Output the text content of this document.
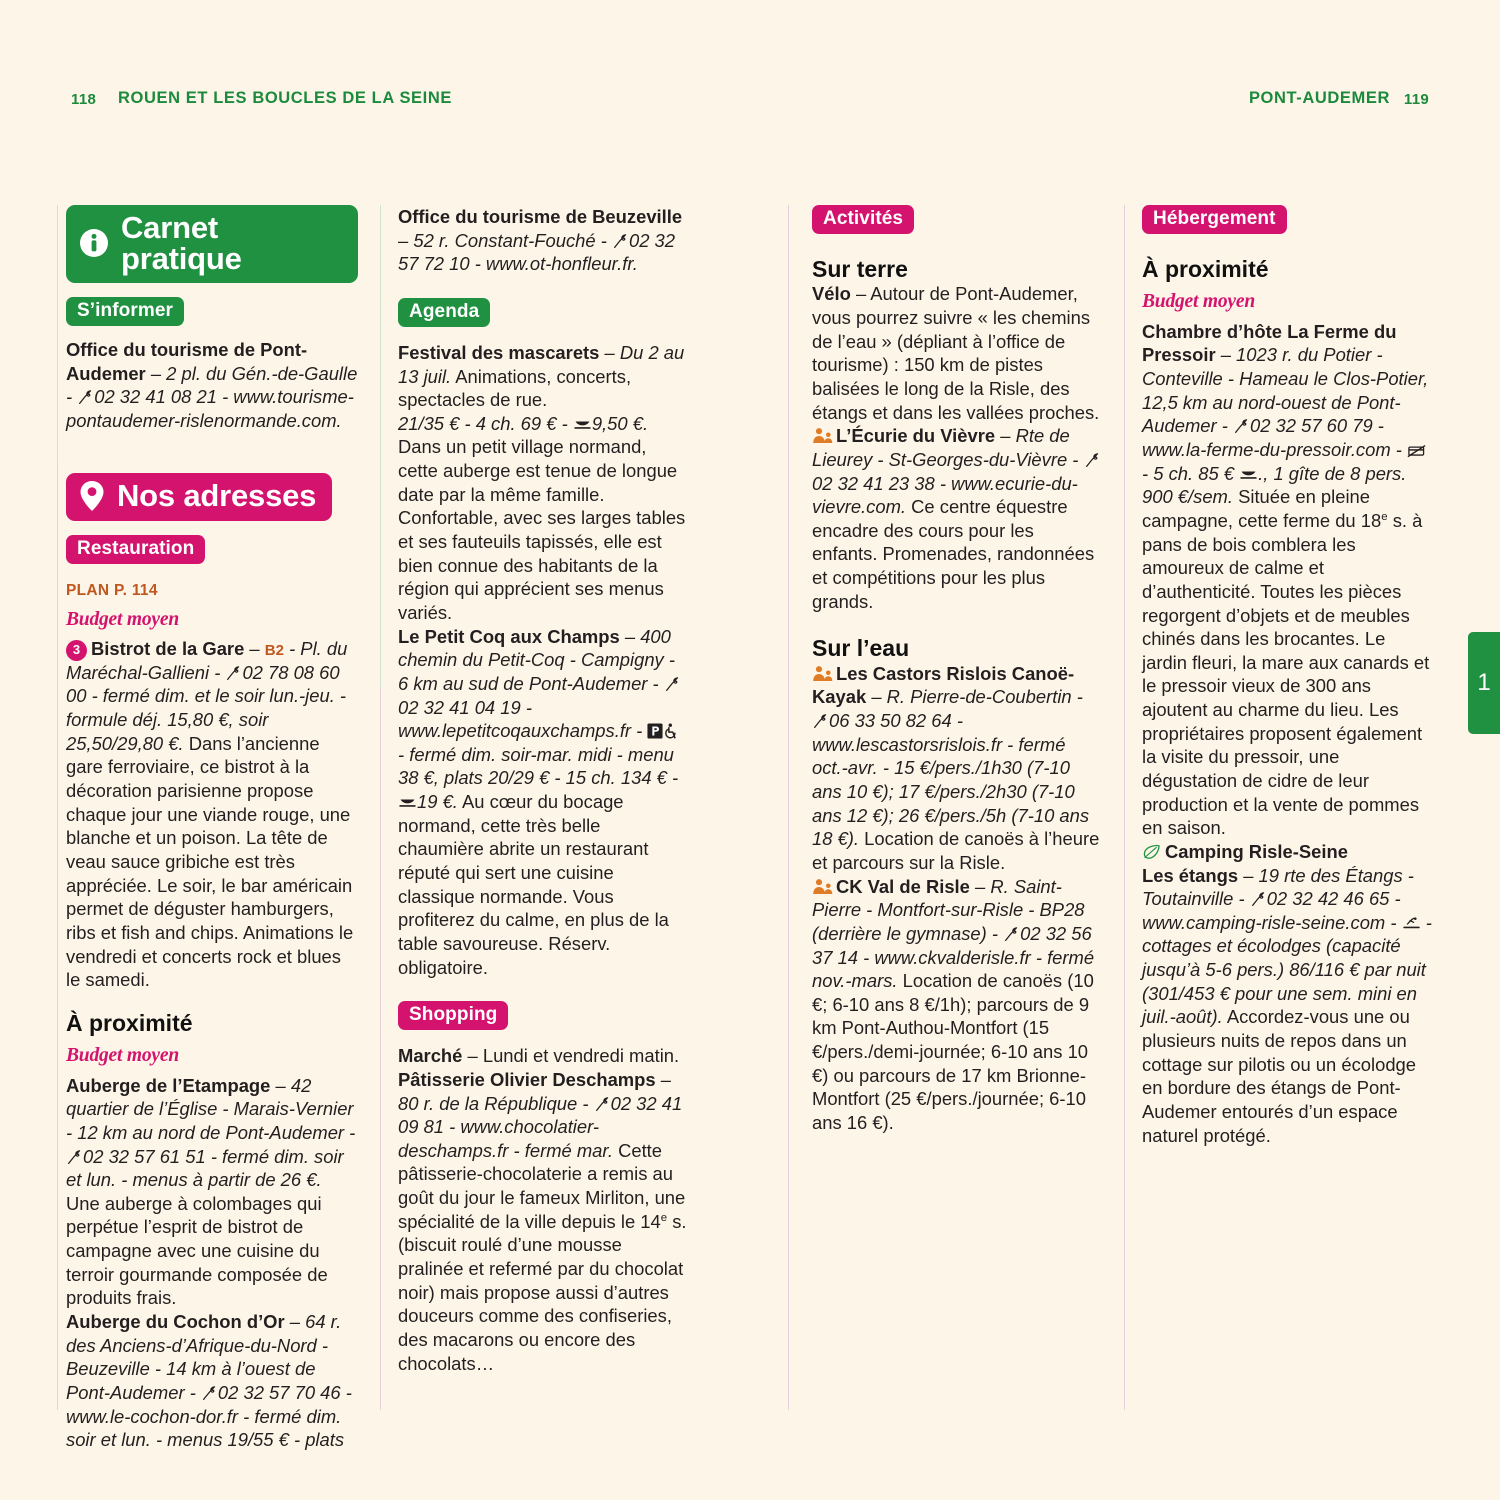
118 ROUEN ET LES BOUCLES DE LA SEINE	PONT-AUDEMER 119
1
Carnet pratique
S’informer
Office du tourisme de Pont-Audemer – 2 pl. du Gén.-de-Gaulle - 02 32 41 08 21 - www.tourisme-pontaudemer-rislenormande.com.
Nos adresses
Restauration
PLAN P. 114
Budget moyen
3 Bistrot de la Gare – B2 - Pl. du Maréchal-Gallieni - 02 78 08 60 00 - fermé dim. et le soir lun.-jeu. - formule déj. 15,80 €, soir 25,50/29,80 €. Dans l’ancienne gare ferroviaire, ce bistrot à la décoration parisienne propose chaque jour une viande rouge, une blanche et un poison. La tête de veau sauce gribiche est très appréciée. Le soir, le bar américain permet de déguster hamburgers, ribs et fish and chips. Animations le vendredi et concerts rock et blues le samedi.
À proximité
Budget moyen
Auberge de l’Etampage – 42 quartier de l’Église - Marais-Vernier - 12 km au nord de Pont-Audemer - 02 32 57 61 51 - fermé dim. soir et lun. - menus à partir de 26 €. Une auberge à colombages qui perpétue l’esprit de bistrot de campagne avec une cuisine du terroir gourmande composée de produits frais.
Auberge du Cochon d’Or – 64 r. des Anciens-d’Afrique-du-Nord - Beuzeville - 14 km à l’ouest de Pont-Audemer - 02 32 57 70 46 - www.le-cochon-dor.fr - fermé dim. soir et lun. - menus 19/55 € - plats
Office du tourisme de Beuzeville – 52 r. Constant-Fouché - 02 32 57 72 10 - www.ot-honfleur.fr.
Agenda
Festival des mascarets – Du 2 au 13 juil. Animations, concerts, spectacles de rue.
21/35 € - 4 ch. 69 € - 9,50 €. Dans un petit village normand, cette auberge est tenue de longue date par la même famille. Confortable, avec ses larges tables et ses fauteuils tapissés, elle est bien connue des habitants de la région qui apprécient ses menus variés.
Le Petit Coq aux Champs – 400 chemin du Petit-Coq - Campigny - 6 km au sud de Pont-Audemer - 02 32 41 04 19 - www.lepetitcoqauxchamps.fr -  - fermé dim. soir-mar. midi - menu 38 €, plats 20/29 € - 15 ch. 134 € - 19 €. Au cœur du bocage normand, cette très belle chaumière abrite un restaurant réputé qui sert une cuisine classique normande. Vous profiterez du calme, en plus de la table savoureuse. Réserv. obligatoire.
Shopping
Marché – Lundi et vendredi matin.
Pâtisserie Olivier Deschamps – 80 r. de la République - 02 32 41 09 81 - www.chocolatier-deschamps.fr - fermé mar. Cette pâtisserie-chocolaterie a remis au goût du jour le fameux Mirliton, une spécialité de la ville depuis le 14e s. (biscuit roulé d’une mousse pralinée et refermé par du chocolat noir) mais propose aussi d’autres douceurs comme des confiseries, des macarons ou encore des chocolats…
Activités
Sur terre
Vélo – Autour de Pont-Audemer, vous pourrez suivre « les chemins de l’eau » (dépliant à l’office de tourisme) : 150 km de pistes balisées le long de la Risle, des étangs et dans les vallées proches.
L’Écurie du Vièvre – Rte de Lieurey - St-Georges-du-Vièvre - 02 32 41 23 38 - www.ecurie-du-vievre.com. Ce centre équestre encadre des cours pour les enfants. Promenades, randonnées et compétitions pour les plus grands.
Sur l’eau
Les Castors Rislois Canoë-Kayak – R. Pierre-de-Coubertin - 06 33 50 82 64 - www.lescastorsrislois.fr - fermé oct.-avr. - 15 €/pers./1h30 (7-10 ans 10 €); 17 €/pers./2h30 (7-10 ans 12 €); 26 €/pers./5h (7-10 ans 18 €). Location de canoës à l’heure et parcours sur la Risle.
CK Val de Risle – R. Saint-Pierre - Montfort-sur-Risle - BP28 (derrière le gymnase) - 02 32 56 37 14 - www.ckvalderisle.fr - fermé nov.-mars. Location de canoës (10 €; 6-10 ans 8 €/1h); parcours de 9 km Pont-Authou-Montfort (15 €/pers./demi-journée; 6-10 ans 10 €) ou parcours de 17 km Brionne-Montfort (25 €/pers./journée; 6-10 ans 16 €).
Hébergement
À proximité
Budget moyen
Chambre d’hôte La Ferme du Pressoir – 1023 r. du Potier - Conteville - Hameau le Clos-Potier, 12,5 km au nord-ouest de Pont-Audemer - 02 32 57 60 79 - www.la-ferme-du-pressoir.com -  - 5 ch. 85 € ., 1 gîte de 8 pers. 900 €/sem. Située en pleine campagne, cette ferme du 18e s. à pans de bois comblera les amoureux de calme et d’authenticité. Toutes les pièces regorgent d’objets et de meubles chinés dans les brocantes. Le jardin fleuri, la mare aux canards et le pressoir vieux de 300 ans ajoutent au charme du lieu. Les propriétaires proposent également la visite du pressoir, une dégustation de cidre de leur production et la vente de pommes en saison.
Camping Risle-Seine
Les étangs – 19 rte des Étangs - Toutainville - 02 32 42 46 65 - www.camping-risle-seine.com -  - cottages et écolodges (capacité jusqu’à 5-6 pers.) 86/116 € par nuit (301/453 € pour une sem. mini en juil.-août). Accordez-vous une ou plusieurs nuits de repos dans un cottage sur pilotis ou un écolodge en bordure des étangs de Pont-Audemer entourés d’un espace naturel protégé.
